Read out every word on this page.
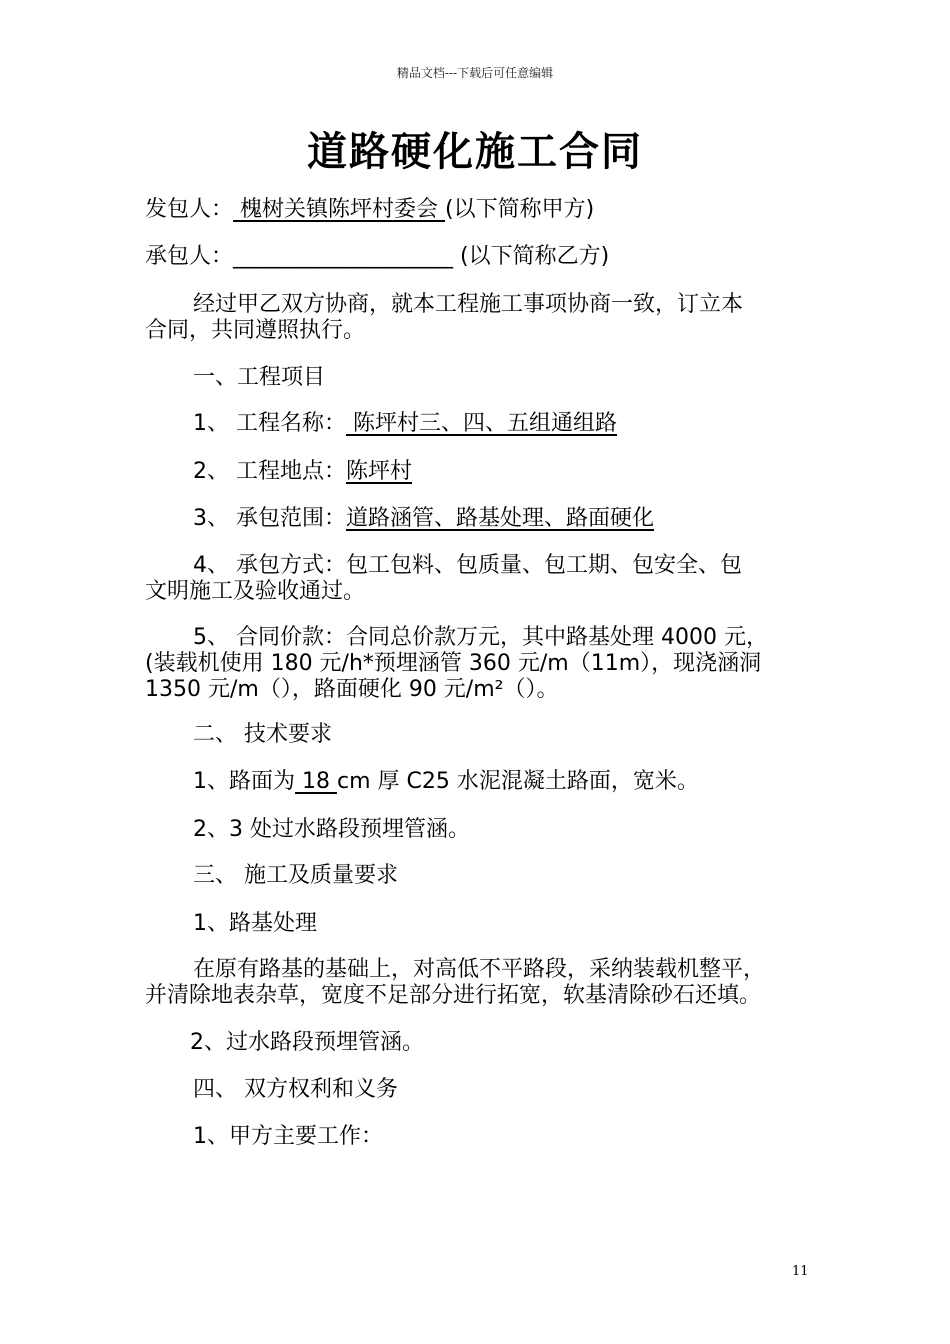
精品文档---下载后可任意编辑
道路硬化施工合同
发包人： 槐树关镇陈坪村委会 (以下简称甲方)
承包人：____________________ (以下简称乙方)
经过甲乙双方协商，就本工程施工事项协商一致，订立本
合同，共同遵照执行。
一、工程项目
1、 工程名称： 陈坪村三、四、五组通组路
2、 工程地点：陈坪村
3、 承包范围：道路涵管、路基处理、路面硬化
4、 承包方式：包工包料、包质量、包工期、包安全、包
文明施工及验收通过。
5、 合同价款：合同总价款万元，其中路基处理 4000 元，
(装载机使用 180 元/h*预埋涵管 360 元/m（11m），现浇涵洞
1350 元/m（），路面硬化 90 元/m²（）。
二、 技术要求
1、路面为 18 cm 厚 C25 水泥混凝土路面，宽米。
2、3 处过水路段预埋管涵。
三、 施工及质量要求
1、路基处理
在原有路基的基础上，对高低不平路段，采纳装载机整平，
并清除地表杂草，宽度不足部分进行拓宽，软基清除砂石还填。
2、过水路段预埋管涵。
四、 双方权利和义务
1、甲方主要工作：
11
